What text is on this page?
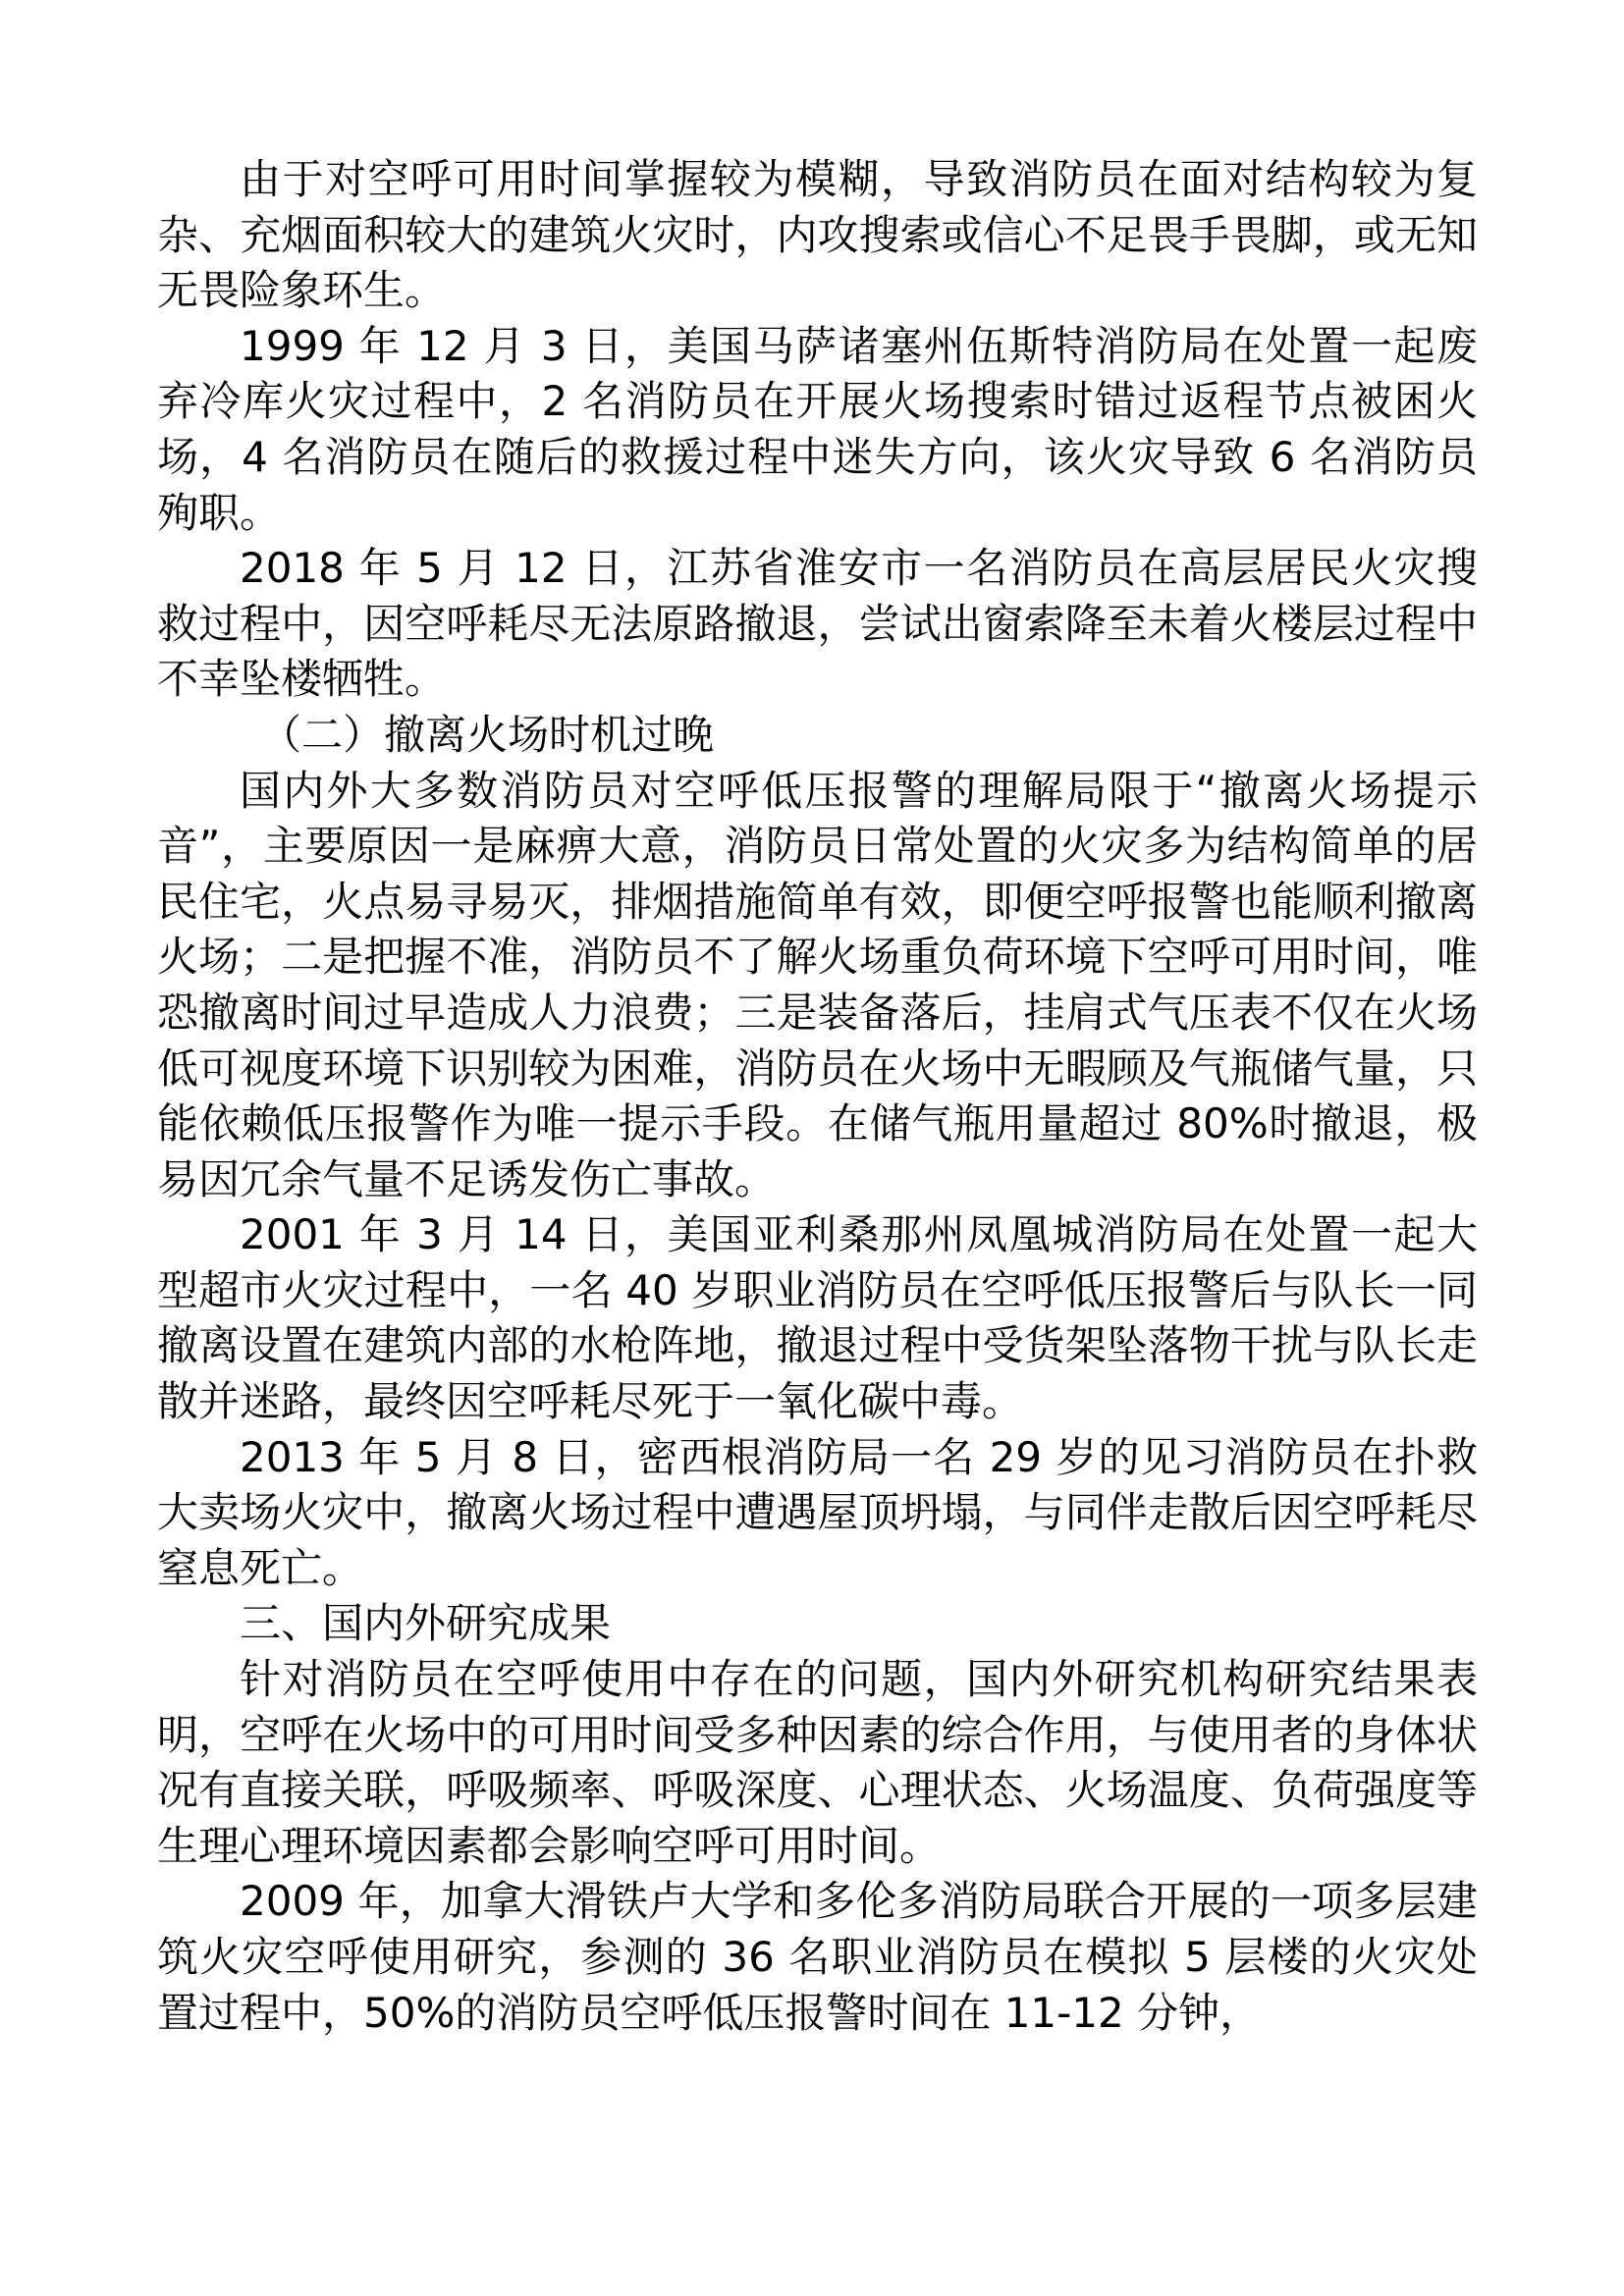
由于对空呼可用时间掌握较为模糊，导致消防员在面对结构较为复杂、充烟面积较大的建筑火灾时，内攻搜索或信心不足畏手畏脚，或无知无畏险象环生。

1999 年 12 月 3 日，美国马萨诸塞州伍斯特消防局在处置一起废弃冷库火灾过程中，2 名消防员在开展火场搜索时错过返程节点被困火场，4 名消防员在随后的救援过程中迷失方向，该火灾导致 6 名消防员殉职。

2018 年 5 月 12 日，江苏省淮安市一名消防员在高层居民火灾搜救过程中，因空呼耗尽无法原路撤退，尝试出窗索降至未着火楼层过程中不幸坠楼牺牲。

（二）撤离火场时机过晚

国内外大多数消防员对空呼低压报警的理解局限于“撤离火场提示音”，主要原因一是麻痹大意，消防员日常处置的火灾多为结构简单的居民住宅，火点易寻易灭，排烟措施简单有效，即便空呼报警也能顺利撤离火场；二是把握不准，消防员不了解火场重负荷环境下空呼可用时间，唯恐撤离时间过早造成人力浪费；三是装备落后，挂肩式气压表不仅在火场低可视度环境下识别较为困难，消防员在火场中无暇顾及气瓶储气量，只能依赖低压报警作为唯一提示手段。在储气瓶用量超过 80%时撤退，极易因冗余气量不足诱发伤亡事故。

2001 年 3 月 14 日，美国亚利桑那州凤凰城消防局在处置一起大型超市火灾过程中，一名 40 岁职业消防员在空呼低压报警后与队长一同撤离设置在建筑内部的水枪阵地，撤退过程中受货架坠落物干扰与队长走散并迷路，最终因空呼耗尽死于一氧化碳中毒。

2013 年 5 月 8 日，密西根消防局一名 29 岁的见习消防员在扑救大卖场火灾中，撤离火场过程中遭遇屋顶坍塌，与同伴走散后因空呼耗尽窒息死亡。

三、国内外研究成果

针对消防员在空呼使用中存在的问题，国内外研究机构研究结果表明，空呼在火场中的可用时间受多种因素的综合作用，与使用者的身体状况有直接关联，呼吸频率、呼吸深度、心理状态、火场温度、负荷强度等生理心理环境因素都会影响空呼可用时间。

2009 年，加拿大滑铁卢大学和多伦多消防局联合开展的一项多层建筑火灾空呼使用研究，参测的 36 名职业消防员在模拟 5 层楼的火灾处置过程中，50%的消防员空呼低压报警时间在 11-12 分钟，
